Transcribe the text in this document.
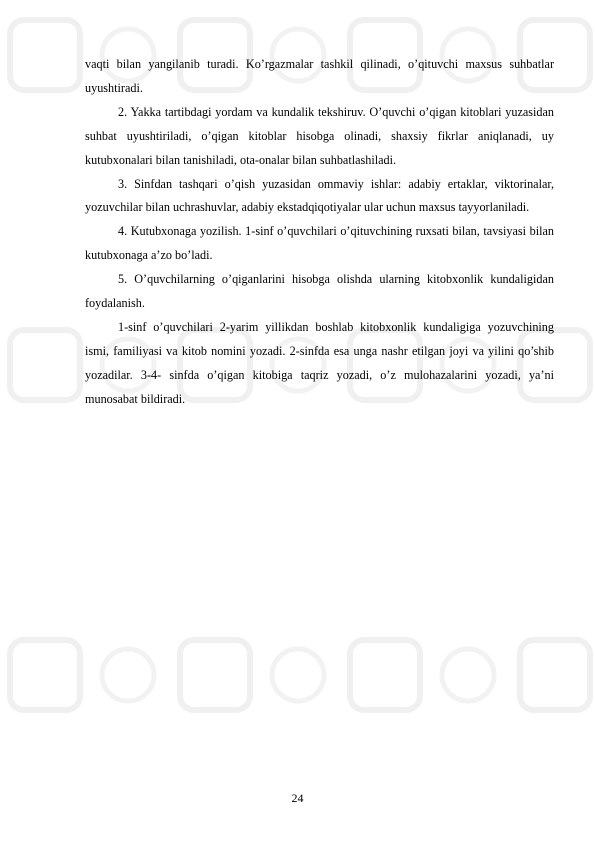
vaqti bilan yangilanib turadi. Ko’rgazmalar tashkil qilinadi, o’qituvchi maxsus suhbatlar uyushtiradi.

2. Yakka tartibdagi yordam va kundalik tekshiruv. O’quvchi o’qigan kitoblari yuzasidan suhbat uyushtiriladi, o’qigan kitoblar hisobga olinadi, shaxsiy fikrlar aniqlanadi, uy kutubxonalari bilan tanishiladi, ota-onalar bilan suhbatlashiladi.

3. Sinfdan tashqari o’qish yuzasidan ommaviy ishlar: adabiy ertaklar, viktorinalar, yozuvchilar bilan uchrashuvlar, adabiy ekstadqiqotiyalar ular uchun maxsus tayyorlaniladi.

4. Kutubxonaga yozilish. 1-sinf o’quvchilari o’qituvchining ruxsati bilan, tavsiyasi bilan kutubxonaga a’zo bo’ladi.

5. O’quvchilarning o’qiganlarini hisobga olishda ularning kitobxonlik kundaligidan foydalanish.

1-sinf o’quvchilari 2-yarim yillikdan boshlab kitobxonlik kundaligiga yozuvchining ismi, familiyasi va kitob nomini yozadi. 2-sinfda esa unga nashr etilgan joyi va yilini qo’shib yozadilar. 3-4- sinfda o’qigan kitobiga taqriz yozadi, o’z mulohazalarini yozadi, ya’ni munosabat bildiradi.

24
